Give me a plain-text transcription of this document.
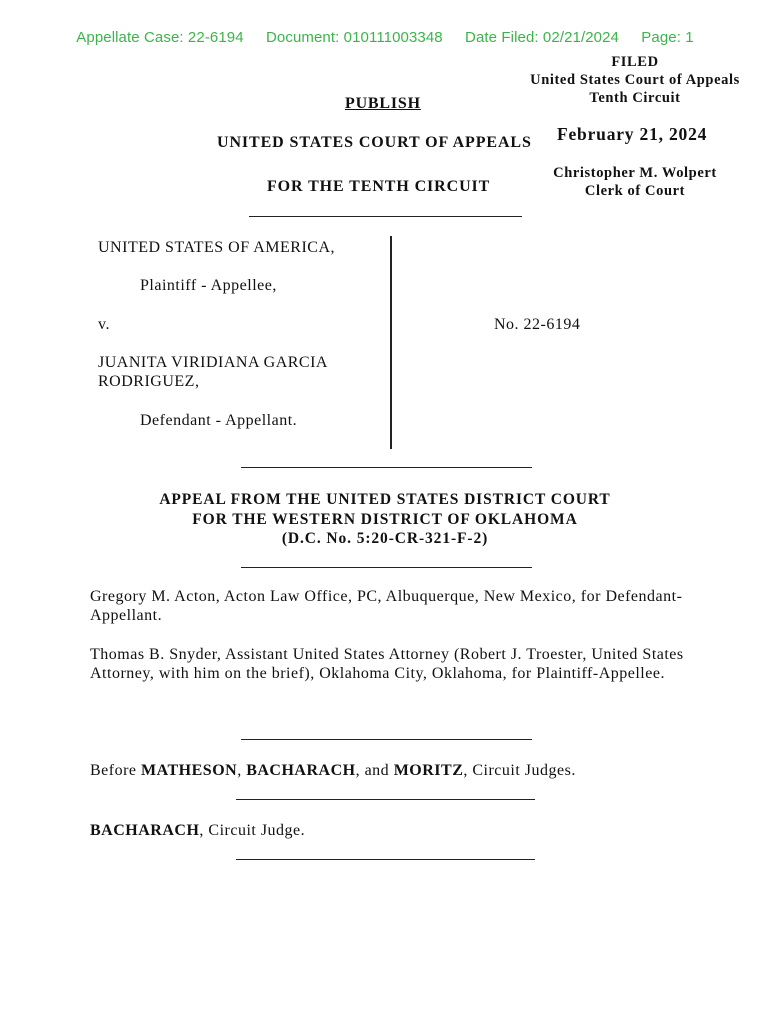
Appellate Case: 22-6194 Document: 010111003348 Date Filed: 02/21/2024 Page: 1
FILED
United States Court of Appeals
Tenth Circuit
February 21, 2024
Christopher M. Wolpert
Clerk of Court
PUBLISH
UNITED STATES COURT OF APPEALS
FOR THE TENTH CIRCUIT
UNITED STATES OF AMERICA,
Plaintiff - Appellee,
v.
JUANITA VIRIDIANA GARCIA
RODRIGUEZ,
Defendant - Appellant.
No. 22-6194
APPEAL FROM THE UNITED STATES DISTRICT COURT
FOR THE WESTERN DISTRICT OF OKLAHOMA
(D.C. No. 5:20-CR-321-F-2)
Gregory M. Acton, Acton Law Office, PC, Albuquerque, New Mexico, for Defendant-Appellant.
Thomas B. Snyder, Assistant United States Attorney (Robert J. Troester, United States Attorney, with him on the brief), Oklahoma City, Oklahoma, for Plaintiff-Appellee.
Before MATHESON, BACHARACH, and MORITZ, Circuit Judges.
BACHARACH, Circuit Judge.
